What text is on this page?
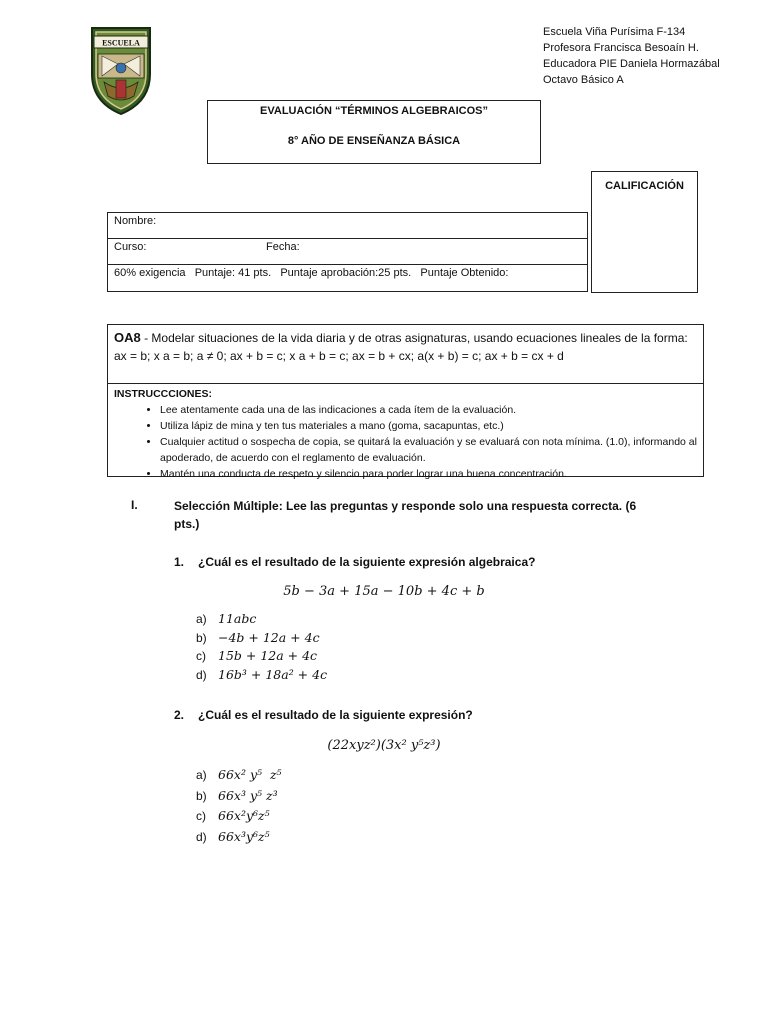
ESCUELA
Escuela Viña Purísima F-134
Profesora Francisca Besoaín H.
Educadora PIE Daniela Hormazábal
Octavo Básico A
EVALUACIÓN “TÉRMINOS ALGEBRAICOS”
8° AÑO DE ENSEÑANZA BÁSICA
CALIFICACIÓN
Nombre:
Curso:	Fecha:
60% exigencia   Puntaje: 41 pts.   Puntaje aprobación:25 pts.   Puntaje Obtenido:
OA8 - Modelar situaciones de la vida diaria y de otras asignaturas, usando ecuaciones lineales de la forma: ax = b; x a = b; a ≠ 0; ax + b = c; x a + b = c; ax = b + cx; a(x + b) = c; ax + b = cx + d
INSTRUCCCIONES:
• Lee atentamente cada una de las indicaciones a cada ítem de la evaluación.
• Utiliza lápiz de mina y ten tus materiales a mano (goma, sacapuntas, etc.)
• Cualquier actitud o sospecha de copia, se quitará la evaluación y se evaluará con nota mínima. (1.0), informando al apoderado, de acuerdo con el reglamento de evaluación.
• Mantén una conducta de respeto y silencio para poder lograr una buena concentración.
I.	Selección Múltiple: Lee las preguntas y responde solo una respuesta correcta. (6 pts.)
1. ¿Cuál es el resultado de la siguiente expresión algebraica?
5b − 3a + 15a − 10b + 4c + b
a) 11abc
b) −4b + 12a + 4c
c) 15b + 12a + 4c
d) 16b³ + 18a² + 4c
2. ¿Cuál es el resultado de la siguiente expresión?
(22xyz²)(3x² y⁵z³)
a) 66x² y⁵  z⁵
b) 66x³ y⁵ z³
c) 66x²y⁶z⁵
d) 66x³y⁶z⁵
